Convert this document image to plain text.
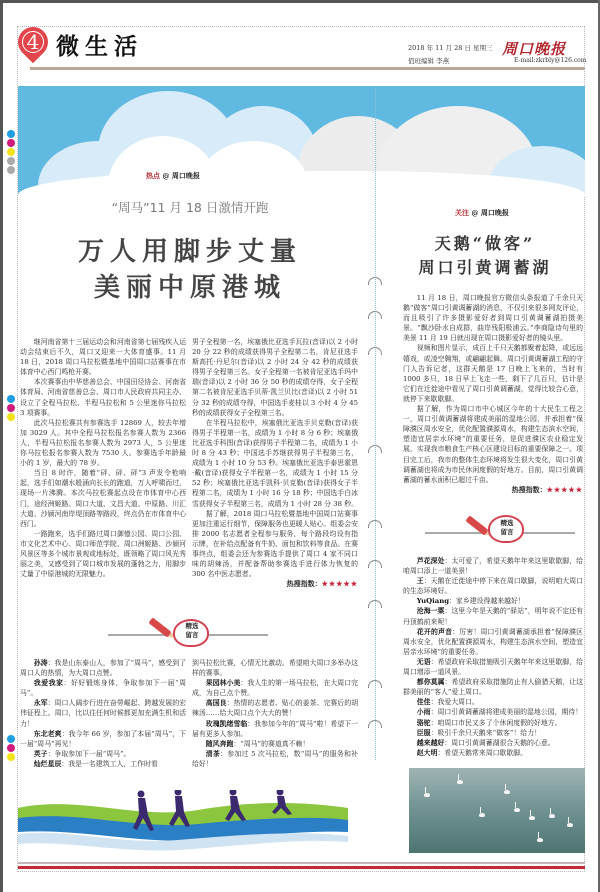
4 微生活	2018 年 11 月 28 日 星期三
值班编辑 李燕
周口晚报
E-mail:zkrbly@126.com
热点 @ 周口晚报
“周马”11 月 18 日激情开跑
万人用脚步丈量
美丽中原港城

继河南省第十三届运动会和河南省第七届残疾人运动会结束后不久，周口又迎来一大体育盛事。11 月 18 日，2018 周口马拉松暨基地中国周口站赛事在市体育中心西门鸣枪开赛。

本次赛事由中华慈善总会、中国田径协会、河南省体育局、河南省慈善总会、周口市人民政府共同主办，设立了全程马拉松、半程马拉松和 5 公里迷你马拉松 3 项赛事。

此次马拉松赛共有参赛选手 12869 人，较去年增加 3029 人。其中全程马拉松报名参赛人数为 2366 人，半程马拉松报名参赛人数为 2973 人，5 公里迷你马拉松报名参赛人数为 7530 人。参赛选手年龄最小的 1 岁，最大的 78 岁。

当日 8 时许，随着“砰、砰、砰”3 声发令枪响起，选手们如潮水般涌向长长的跑道，万人呼啸而过，现场一片沸腾。本次马拉松赛起点设在市体育中心西门，途经洲姬路、周口大道、文昌大道、中原路、川汇大道、沙颍河南岸堤顶路等路段，终点仍在市体育中心西门。

一路跑来，选手们路过周口御憶公园、周口公园、市文化艺术中心、周口师范学院、周口洲姬路、沙颍河风景区等多个城市景观或地标处，既领略了周口风光秀丽之美，又感受到了周口城市发展的蓬勃之力，用脚步丈量了中原港城的无限魅力。

男子全程第一名，埃塞俄比亚选手瓦拉(音译)以 2 小时 20 分 22 秒的成绩获得男子全程第二名，肯尼亚选手斯高托·丹尼尔(音译)以 2 小时 24 分 42 秒的成绩获得男子全程第三名。女子全程第一名被肯尼亚选手玛中瑞(音译)以 2 小时 36 分 50 秒的成绩夺得，女子全程第二名被肯尼亚选手贝蒂·凯兰贝比(音译)以 2 小时 51 分 32 秒的成绩夺得，中国选手麦桂以 3 小时 4 分 45 秒的成绩获得女子全程第三名。

在半程马拉松中，埃塞俄比亚选手贝克勒(音译)获得男子半程第一名，成绩为 1 小时 8 分 6 秒；埃塞俄比亚选手科图(音译)获得男子半程第二名，成绩为 1 小时 8 分 43 秒；中国选手苏继获得男子半程第三名，成绩为 1 小时 10 分 53 秒。埃塞俄比亚选手泰思霍恩·戴(音译)获得女子半程第一名，成绩为 1 小时 15 分 52 秒；埃塞俄比亚选手凯科·贝克勒(音译)获得女子半程第二名，成绩为 1 小时 16 分 18 秒；中国选手白冰雪获得女子半程第三名，成绩为 1 小时 28 分 38 秒。

据了解，2018 周口马拉松暨基地中国周口站赛事更加注重运行细节，保障服务也更暖人贴心。组委会安排 2000 名志愿者全程参与服务，每个路段均设有指示牌，在补给点配备有牛奶、面包和饮料等食品。在赛事终点，组委会还为参赛选手提供了周口 4 家不同口味的胡辣汤，并配备帮助参赛选手进行体力恢复的 300 名中医志愿者。

热搜指数：★★★★★
精选
留言

孙涛：我是山东泰山人，参加了“周马”，感受到了周口人的热情，为大周口点赞。

我爱我家：好好锻炼身体，争取参加下一届“周马”。

永军：周口人阔步行进在奋勞崛起、跨越发展的宏伟征程上。周口，比以往任何时候都更加充满生机和活力！

东北老爽：我今年 66 岁，参加了本届“周马”，下一届“周马”再见！

英子：争取参加下一届“周马”。

灿烂星辰：我是一名建筑工人，工作时看

到马拉松比赛，心情无比激动。希望咱大周口多举办这样的赛事。

果园林小美：我人生的第一场马拉松，在大周口完成，为自己点个赞。

高国良：热情的志愿者、贴心的姜茶、完赛后的胡辣汤……给大周口点个大大的赞！

玫瑰凯绪雪临：我参加今年的“周马”啦！希望下一届有更多人参加。

随风奔跑：“周马”的赛道真不赖！

清茶：参加过 5 次马拉松，数“周马”的服务和补给好！

关注 @ 周口晚报
天鹅“做客”
周口引黄调蓄湖

11 月 18 日，周口晚报官方微信头条报道了千余只天鹅“做客”周口引黄调蓄湖的消息，不仅引来很多网友评论，而且吸引了许多摄影爱好者到周口引黄调蓄湖拍摄美景。“飘沙卧水自成群，曲岸残阳极浦云。”李商隐诗句里的美景 11 月 19 日就出现在周口摄影爱好者的镜头里。

视频和图片显示，成百上千只天鹅都聚着起降，或远远嬉戏，或凌空翱翔，或翩翩起舞。周口引黄调蓄湖工程的守门人告诉记者，这群天鹅是 17 日晚上飞来的，当时有 1000 多只，18 日早上飞走一些，剩下了几百只，估计是它们在迁徙途中看见了周口引黄调蓄湖，觉得比较合心意，就停下来歇歇脚。

据了解，作为周口市中心城区今年的十大民生工程之一，周口引黄调蓄湖将建成美丽的湿地公园，并承担着“保障濮区周水安全，优化配置濮源周水，构建生态滨水空间，塑造宜居亲水环境”的重要任务，是促进濮区农业稳定发展、实现我市粮食生产核心区建设目标的重要保障之一。项目完工后，我市的整体生态环境将发生很大变化，周口引黄调蓄湖也将成为市民休闲度假的好地方。目前，周口引黄调蓄湖的蓄水面积已超过千亩。

热搜指数：★★★★★
精选
留言

芦花深处：太可爱了，希望天鹅年年来这里歇歇脚，给咱周口添上一道美景！

王：天鹅在迁徙途中停下来在周口歇脚，说明咱大周口的生态环境好。

YuQiang：家乡建设得越来越好！

沧海一粟：这里今年是天鹅的“驿站”，明年说不定还有丹顶鹤前来呢！

花开的声音：厉害！周口引黄调蓄湖承担着“保障濮区周水安全，优化配置濮源周水，构建生态滨水空间，塑造宜居亲水环境”的重要任务。

无语：希望政府采取措施吸引天鹅年年来这里歇脚，给周口增添一道风景。

都你莫属：希望政府采取措施防止有人偷猎天鹅，让这群美丽的“客人”爱上周口。

佳佳：我爱大周口。

小雨：周口引黄调蓄湖将建成美丽的湿地公园，期待！

骆驼：咱周口市民又多了个休闲度假的好地方。

臣服：吸引千余只天鹅来“做客”！给力！

越来越好：周口引黄调蓄湖很合天鹅的心意。

赵大明：希望天鹅常来周口歇歇脚。
